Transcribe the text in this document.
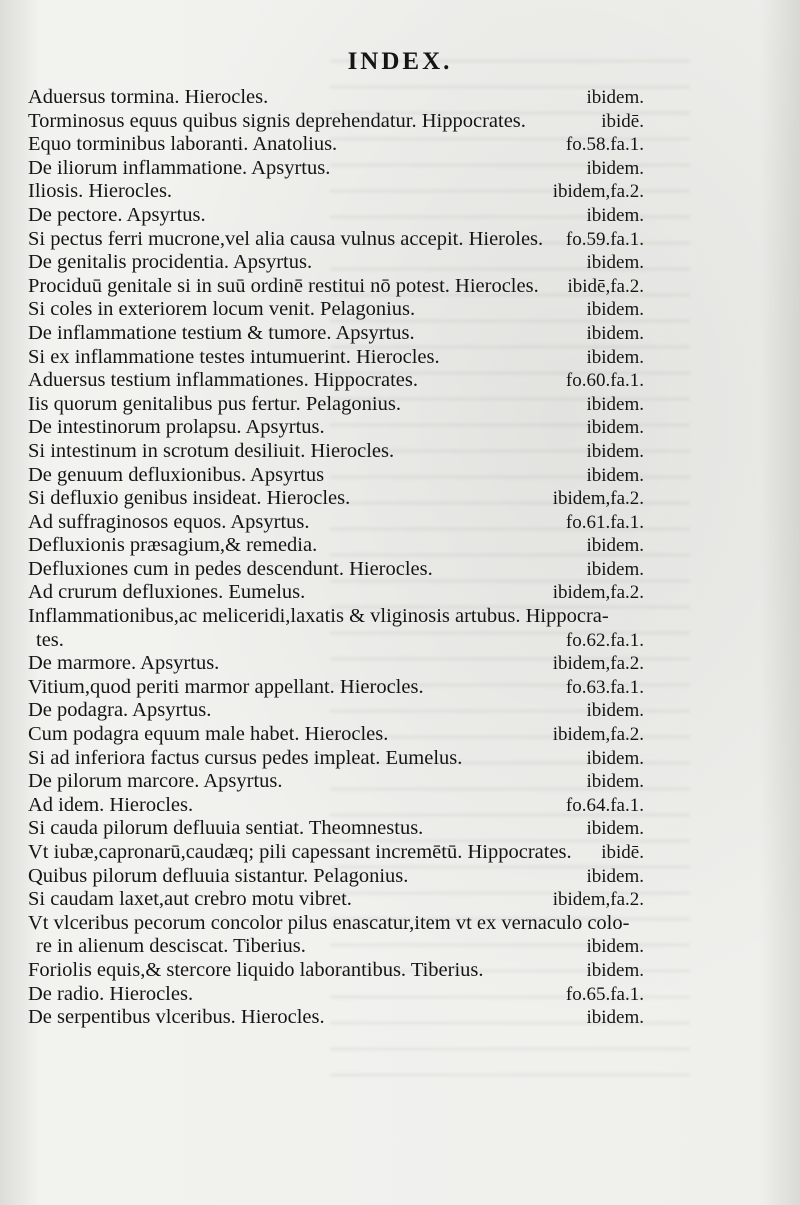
INDEX.
Aduersus tormina. Hierocles.	ibidem.
Torminosus equus quibus signis deprehendatur. Hippocrates.	ibidē.
Equo torminibus laboranti. Anatolius.	fo.58.fa.1.
De iliorum inflammatione. Apsyrtus.	ibidem.
Iliosis. Hierocles.	ibidem,fa.2.
De pectore. Apsyrtus.	ibidem.
Si pectus ferri mucrone,vel alia causa vulnus accepit. Hieroles. fo.59.fa.1.
De genitalis procidentia. Apsyrtus.	ibidem.
Prociduū genitale si in suū ordinē restitui nō potest. Hierocles. ibidē,fa.2.
Si coles in exteriorem locum venit. Pelagonius.	ibidem.
De inflammatione testium & tumore. Apsyrtus.	ibidem.
Si ex inflammatione testes intumuerint. Hierocles.	ibidem.
Aduersus testium inflammationes. Hippocrates.	fo.60.fa.1.
Iis quorum genitalibus pus fertur. Pelagonius.	ibidem.
De intestinorum prolapsu. Apsyrtus.	ibidem.
Si intestinum in scrotum desiliuit. Hierocles.	ibidem.
De genuum defluxionibus. Apsyrtus	ibidem.
Si defluxio genibus insideat. Hierocles.	ibidem,fa.2.
Ad suffraginosos equos. Apsyrtus.	fo.61.fa.1.
Defluxionis præsagium,& remedia.	ibidem.
Defluxiones cum in pedes descendunt. Hierocles.	ibidem.
Ad crurum defluxiones. Eumelus.	ibidem,fa.2.
Inflammationibus,ac meliceridi,laxatis & vliginosis artubus. Hippocra-
tes.	fo.62.fa.1.
De marmore. Apsyrtus.	ibidem,fa.2.
Vitium,quod periti marmor appellant. Hierocles.	fo.63.fa.1.
De podagra. Apsyrtus.	ibidem.
Cum podagra equum male habet. Hierocles.	ibidem,fa.2.
Si ad inferiora factus cursus pedes impleat. Eumelus.	ibidem.
De pilorum marcore. Apsyrtus.	ibidem.
Ad idem. Hierocles.	fo.64.fa.1.
Si cauda pilorum defluuia sentiat. Theomnestus.	ibidem.
Vt iubæ,capronarū,caudæq; pili capessant incremētū. Hippocrates. ibidē.
Quibus pilorum defluuia sistantur. Pelagonius.	ibidem.
Si caudam laxet,aut crebro motu vibret.	ibidem,fa.2.
Vt vlceribus pecorum concolor pilus enascatur,item vt ex vernaculo colo-
re in alienum desciscat. Tiberius.	ibidem.
Foriolis equis,& stercore liquido laborantibus. Tiberius.	ibidem.
De radio. Hierocles.	fo.65.fa.1.
De serpentibus vlceribus. Hierocles.	ibidem.
